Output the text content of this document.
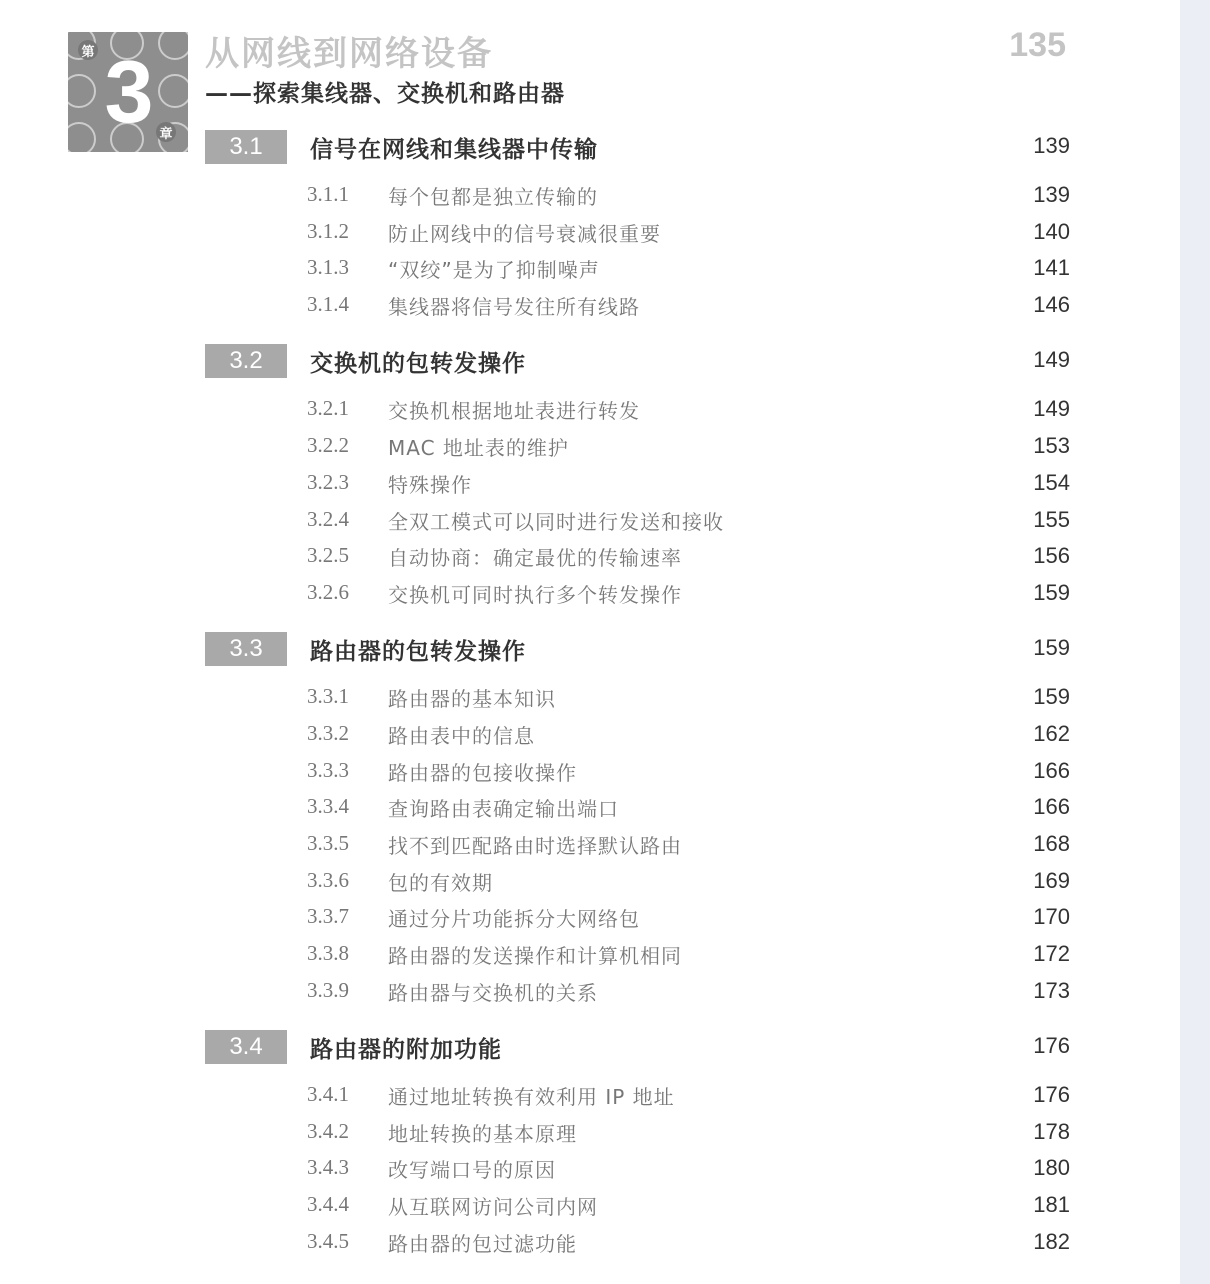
3
第
章
从网线到网络设备
——探索集线器、交换机和路由器
135
3.1	信号在网线和集线器中传输	139
3.1.1 每个包都是独立传输的	139
3.1.2 防止网线中的信号衰减很重要	140
3.1.3 “双绞”是为了抑制噪声	141
3.1.4 集线器将信号发往所有线路	146
3.2	交换机的包转发操作	149
3.2.1 交换机根据地址表进行转发	149
3.2.2 MAC 地址表的维护	153
3.2.3 特殊操作	154
3.2.4 全双工模式可以同时进行发送和接收	155
3.2.5 自动协商：确定最优的传输速率	156
3.2.6 交换机可同时执行多个转发操作	159
3.3	路由器的包转发操作	159
3.3.1 路由器的基本知识	159
3.3.2 路由表中的信息	162
3.3.3 路由器的包接收操作	166
3.3.4 查询路由表确定输出端口	166
3.3.5 找不到匹配路由时选择默认路由	168
3.3.6 包的有效期	169
3.3.7 通过分片功能拆分大网络包	170
3.3.8 路由器的发送操作和计算机相同	172
3.3.9 路由器与交换机的关系	173
3.4	路由器的附加功能	176
3.4.1 通过地址转换有效利用 IP 地址	176
3.4.2 地址转换的基本原理	178
3.4.3 改写端口号的原因	180
3.4.4 从互联网访问公司内网	181
3.4.5 路由器的包过滤功能	182
